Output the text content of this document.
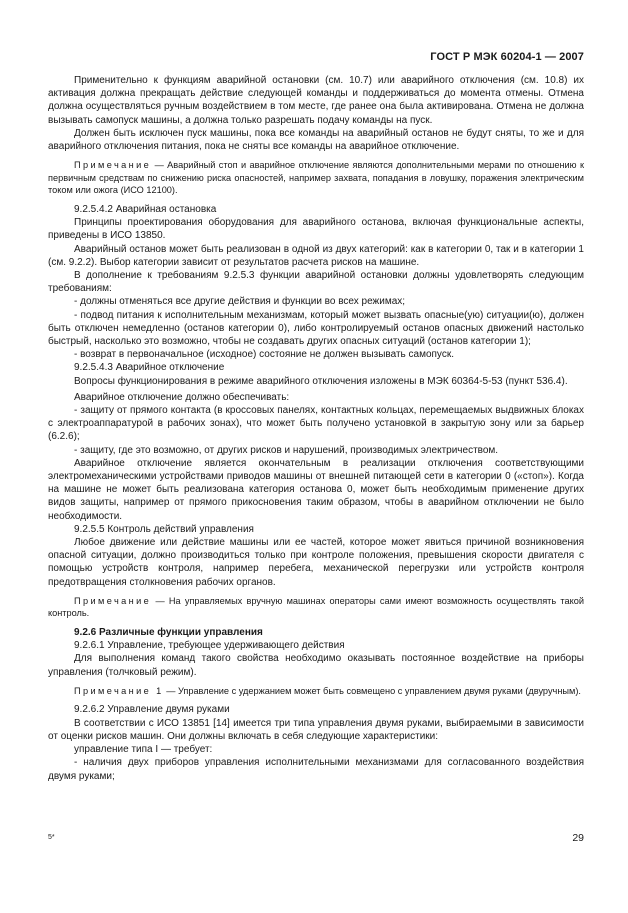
ГОСТ Р МЭК 60204-1 — 2007

Применительно к функциям аварийной остановки (см. 10.7) или аварийного отключения (см. 10.8) их активация должна прекращать действие следующей команды и поддерживаться до момента отмены. Отмена должна осуществляться ручным воздействием в том месте, где ранее она была активирована. Отмена не должна вызывать самопуск машины, а должна только разрешать подачу команды на пуск.

Должен быть исключен пуск машины, пока все команды на аварийный останов не будут сняты, то же и для аварийного отключения питания, пока не сняты все команды на аварийное отключение.

Примечание — Аварийный стоп и аварийное отключение являются дополнительными мерами по отношению к первичным средствам по снижению риска опасностей, например захвата, попадания в ловушку, поражения электрическим током или ожога (ИСО 12100).

9.2.5.4.2 Аварийная остановка

Принципы проектирования оборудования для аварийного останова, включая функциональные аспекты, приведены в ИСО 13850.

Аварийный останов может быть реализован в одной из двух категорий: как в категории 0, так и в категории 1 (см. 9.2.2). Выбор категории зависит от результатов расчета рисков на машине.

В дополнение к требованиям 9.2.5.3 функции аварийной остановки должны удовлетворять следующим требованиям:

- должны отменяться все другие действия и функции во всех режимах;

- подвод питания к исполнительным механизмам, который может вызвать опасные(ую) ситуации(ю), должен быть отключен немедленно (останов категории 0), либо контролируемый останов опасных движений настолько быстрый, насколько это возможно, чтобы не создавать других опасных ситуаций (останов категории 1);

- возврат в первоначальное (исходное) состояние не должен вызывать самопуск.

9.2.5.4.3 Аварийное отключение

Вопросы функционирования в режиме аварийного отключения изложены в МЭК 60364-5-53 (пункт 536.4).

Аварийное отключение должно обеспечивать:

- защиту от прямого контакта (в кроссовых панелях, контактных кольцах, перемещаемых выдвижных блоках с электроаппаратурой в рабочих зонах), что может быть получено установкой в закрытую зону или за барьер (6.2.6);

- защиту, где это возможно, от других рисков и нарушений, производимых электричеством.

Аварийное отключение является окончательным в реализации отключения соответствующими электромеханическими устройствами приводов машины от внешней питающей сети в категории 0 («стоп»). Когда на машине не может быть реализована категория останова 0, может быть необходимым применение других видов защиты, например от прямого прикосновения таким образом, чтобы в аварийном отключении не было необходимости.

9.2.5.5 Контроль действий управления

Любое движение или действие машины или ее частей, которое может явиться причиной возникновения опасной ситуации, должно производиться только при контроле положения, превышения скорости двигателя с помощью устройств контроля, например перебега, механической перегрузки или устройств контроля предотвращения столкновения рабочих органов.

Примечание — На управляемых вручную машинах операторы сами имеют возможность осуществлять такой контроль.

9.2.6 Различные функции управления

9.2.6.1 Управление, требующее удерживающего действия

Для выполнения команд такого свойства необходимо оказывать постоянное воздействие на приборы управления (толчковый режим).

Примечание 1 — Управление с удержанием может быть совмещено с управлением двумя руками (двуручным).

9.2.6.2 Управление двумя руками

В соответствии с ИСО 13851 [14] имеется три типа управления двумя руками, выбираемыми в зависимости от оценки рисков машин. Они должны включать в себя следующие характеристики:

управление типа I — требует:

- наличия двух приборов управления исполнительными механизмами для согласованного воздействия двумя руками;

5*	29
